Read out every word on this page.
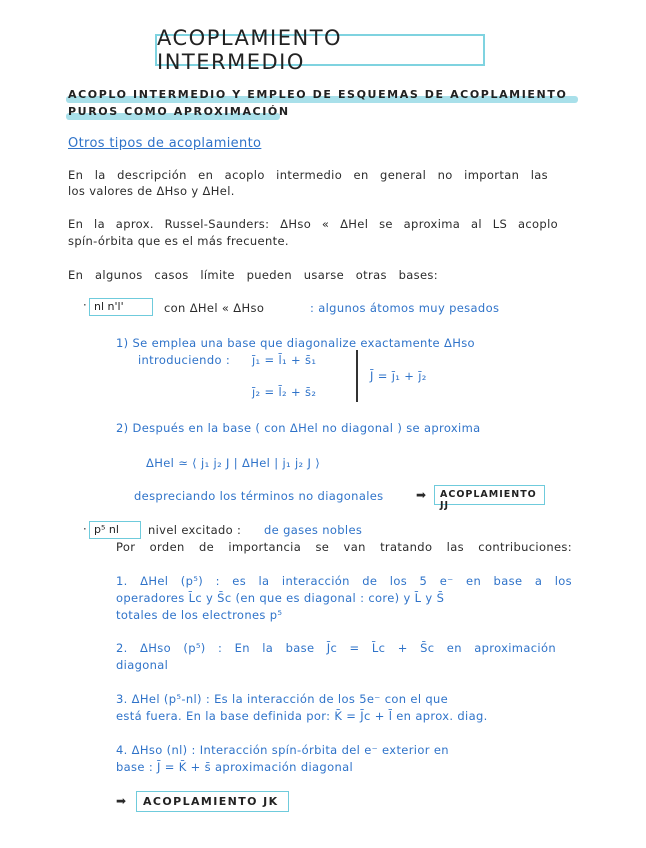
ACOPLAMIENTO INTERMEDIO
ACOPLO INTERMEDIO Y EMPLEO DE ESQUEMAS DE ACOPLAMIENTO
PUROS COMO APROXIMACIÓN
Otros tipos de acoplamiento
En la descripción en acoplo intermedio en general no importan las
los valores de ΔHso y ΔHel.
En la aprox. Russel-Saunders: ΔHso « ΔHel se aproxima al LS acoplo
spín-órbita que es el más frecuente.
En algunos casos límite pueden usarse otras bases:
· nl n'l'	con ΔHel « ΔHso	: algunos átomos muy pesados
1) Se emplea una base que diagonalize exactamente ΔHso
introduciendo : j̄₁ = l̄₁ + s̄₁
j̄₂ = l̄₂ + s̄₂
J̄ = j̄₁ + j̄₂
2) Después en la base ( con ΔHel no diagonal ) se aproxima
ΔHel ≃ ⟨ j₁ j₂ J | ΔHel | j₁ j₂ J ⟩
despreciando los términos no diagonales	➡	ACOPLAMIENTO JJ
· p⁵ nl	nivel excitado : de gases nobles
Por orden de importancia se van tratando las contribuciones:
1. ΔHel (p⁵) : es la interacción de los 5 e⁻ en base a los
operadores L̄c y S̄c (en que es diagonal : core) y L̄ y S̄
totales de los electrones p⁵
2. ΔHso (p⁵) : En la base J̄c = L̄c + S̄c en aproximación
diagonal
3. ΔHel (p⁵-nl) : Es la interacción de los 5e⁻ con el que
está fuera. En la base definida por: K̄ = J̄c + l̄ en aprox. diag.
4. ΔHso (nl) : Interacción spín-órbita del e⁻ exterior en
base : J̄ = K̄ + s̄ aproximación diagonal
➡	ACOPLAMIENTO JK
